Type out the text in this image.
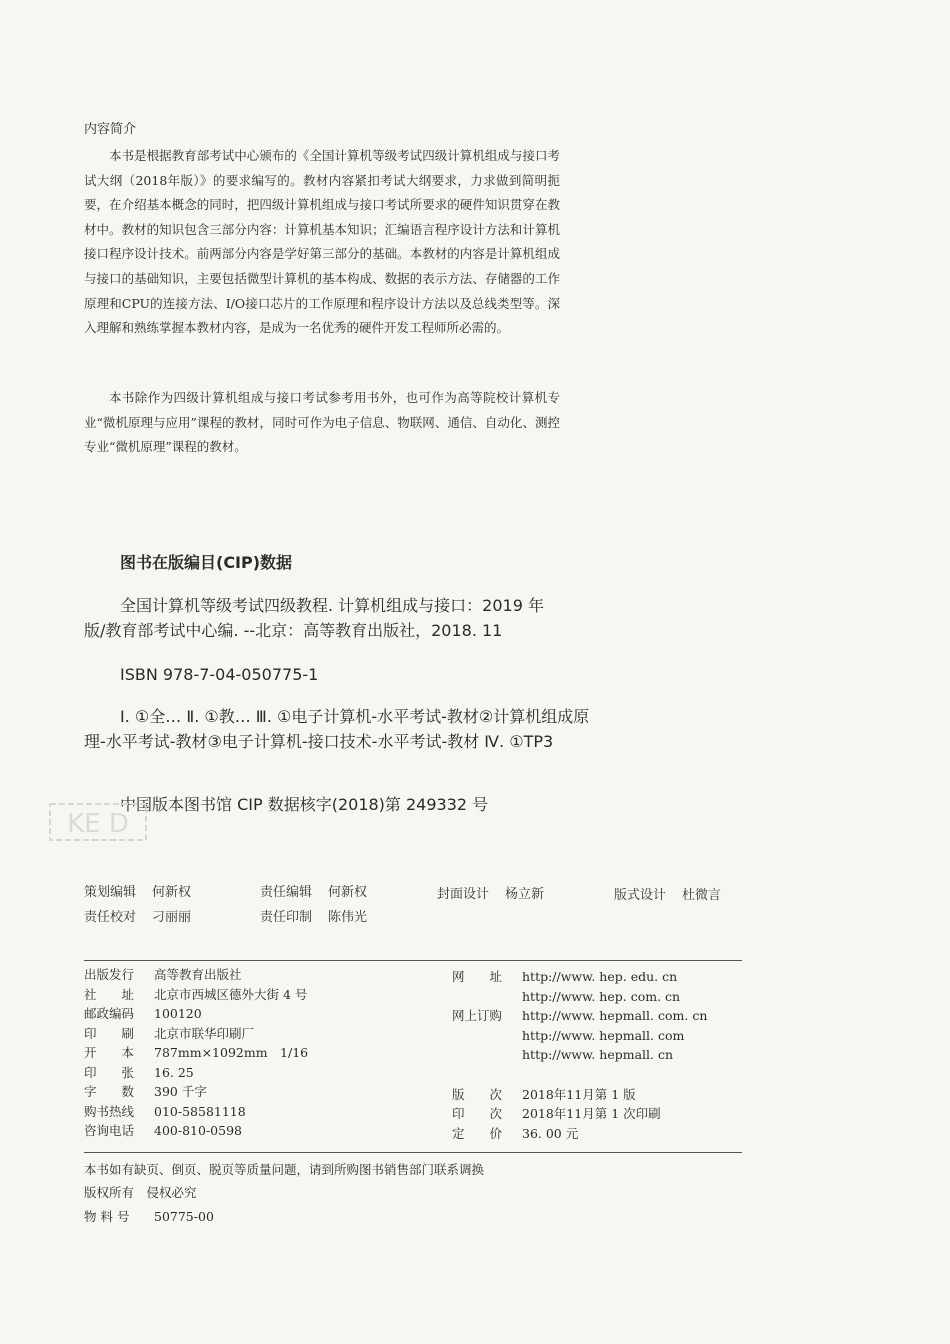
内容简介

本书是根据教育部考试中心颁布的《全国计算机等级考试四级计算机组成与接口考试大纲（2018年版）》的要求编写的。教材内容紧扣考试大纲要求，力求做到简明扼要，在介绍基本概念的同时，把四级计算机组成与接口考试所要求的硬件知识贯穿在教材中。教材的知识包含三部分内容：计算机基本知识；汇编语言程序设计方法和计算机接口程序设计技术。前两部分内容是学好第三部分的基础。本教材的内容是计算机组成与接口的基础知识，主要包括微型计算机的基本构成、数据的表示方法、存储器的工作原理和CPU的连接方法、I/O接口芯片的工作原理和程序设计方法以及总线类型等。深入理解和熟练掌握本教材内容，是成为一名优秀的硬件开发工程师所必需的。

本书除作为四级计算机组成与接口考试参考用书外，也可作为高等院校计算机专业“微机原理与应用”课程的教材，同时可作为电子信息、物联网、通信、自动化、测控专业“微机原理”课程的教材。

图书在版编目(CIP)数据

全国计算机等级考试四级教程. 计算机组成与接口：2019 年版/教育部考试中心编. --北京：高等教育出版社，2018. 11

ISBN 978-7-04-050775-1

Ⅰ. ①全… Ⅱ. ①教… Ⅲ. ①电子计算机-水平考试-教材②计算机组成原理-水平考试-教材③电子计算机-接口技术-水平考试-教材 Ⅳ. ①TP3

中国版本图书馆 CIP 数据核字(2018)第 249332 号
KE D
策划编辑 何新权	责任编辑 何新权	封面设计 杨立新	版式设计 杜微言
责任校对 刁丽丽	责任印制 陈伟光
出版发行 高等教育出版社
社　　址 北京市西城区德外大街 4 号
邮政编码 100120
印　　刷 北京市联华印刷厂
开　　本 787mm×1092mm　1/16
印　　张 16. 25
字　　数 390 千字
购书热线 010-58581118
咨询电话 400-810-0598
网　　址 http://www. hep. edu. cn
http://www. hep. com. cn
网上订购 http://www. hepmall. com. cn
http://www. hepmall. com
http://www. hepmall. cn
版　　次 2018年11月第 1 版
印　　次 2018年11月第 1 次印刷
定　　价 36. 00 元
本书如有缺页、倒页、脱页等质量问题，请到所购图书销售部门联系调换
版权所有　侵权必究
物 料 号 50775-00
